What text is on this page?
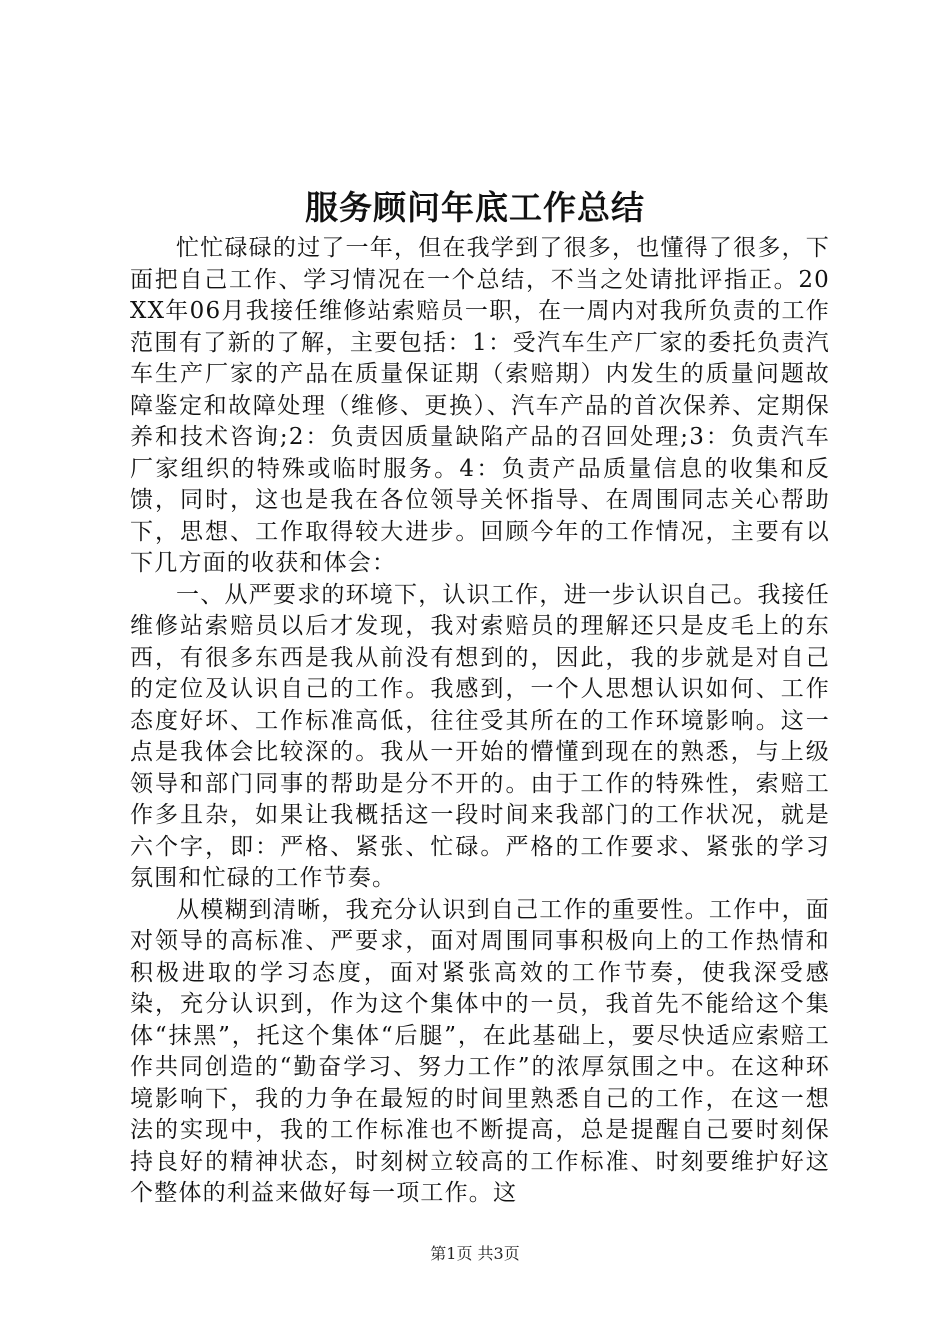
服务顾问年底工作总结

忙忙碌碌的过了一年，但在我学到了很多，也懂得了很多，下面把自己工作、学习情况在一个总结，不当之处请批评指正。20XX年06月我接任维修站索赔员一职，在一周内对我所负责的工作范围有了新的了解，主要包括：1：受汽车生产厂家的委托负责汽车生产厂家的产品在质量保证期（索赔期）内发生的质量问题故障鉴定和故障处理（维修、更换）、汽车产品的首次保养、定期保养和技术咨询;2：负责因质量缺陷产品的召回处理;3：负责汽车厂家组织的特殊或临时服务。4：负责产品质量信息的收集和反馈，同时，这也是我在各位领导关怀指导、在周围同志关心帮助下，思想、工作取得较大进步。回顾今年的工作情况，主要有以下几方面的收获和体会：

一、从严要求的环境下，认识工作，进一步认识自己。我接任维修站索赔员以后才发现，我对索赔员的理解还只是皮毛上的东西，有很多东西是我从前没有想到的，因此，我的步就是对自己的定位及认识自己的工作。我感到，一个人思想认识如何、工作态度好坏、工作标准高低，往往受其所在的工作环境影响。这一点是我体会比较深的。我从一开始的懵懂到现在的熟悉，与上级领导和部门同事的帮助是分不开的。由于工作的特殊性，索赔工作多且杂，如果让我概括这一段时间来我部门的工作状况，就是六个字，即：严格、紧张、忙碌。严格的工作要求、紧张的学习氛围和忙碌的工作节奏。

从模糊到清晰，我充分认识到自己工作的重要性。工作中，面对领导的高标准、严要求，面对周围同事积极向上的工作热情和积极进取的学习态度，面对紧张高效的工作节奏，使我深受感染，充分认识到，作为这个集体中的一员，我首先不能给这个集体“抹黑”，托这个集体“后腿”，在此基础上，要尽快适应索赔工作共同创造的“勤奋学习、努力工作”的浓厚氛围之中。在这种环境影响下，我的力争在最短的时间里熟悉自己的工作，在这一想法的实现中，我的工作标准也不断提高，总是提醒自己要时刻保持良好的精神状态，时刻树立较高的工作标准、时刻要维护好这个整体的利益来做好每一项工作。这

第1页 共3页
